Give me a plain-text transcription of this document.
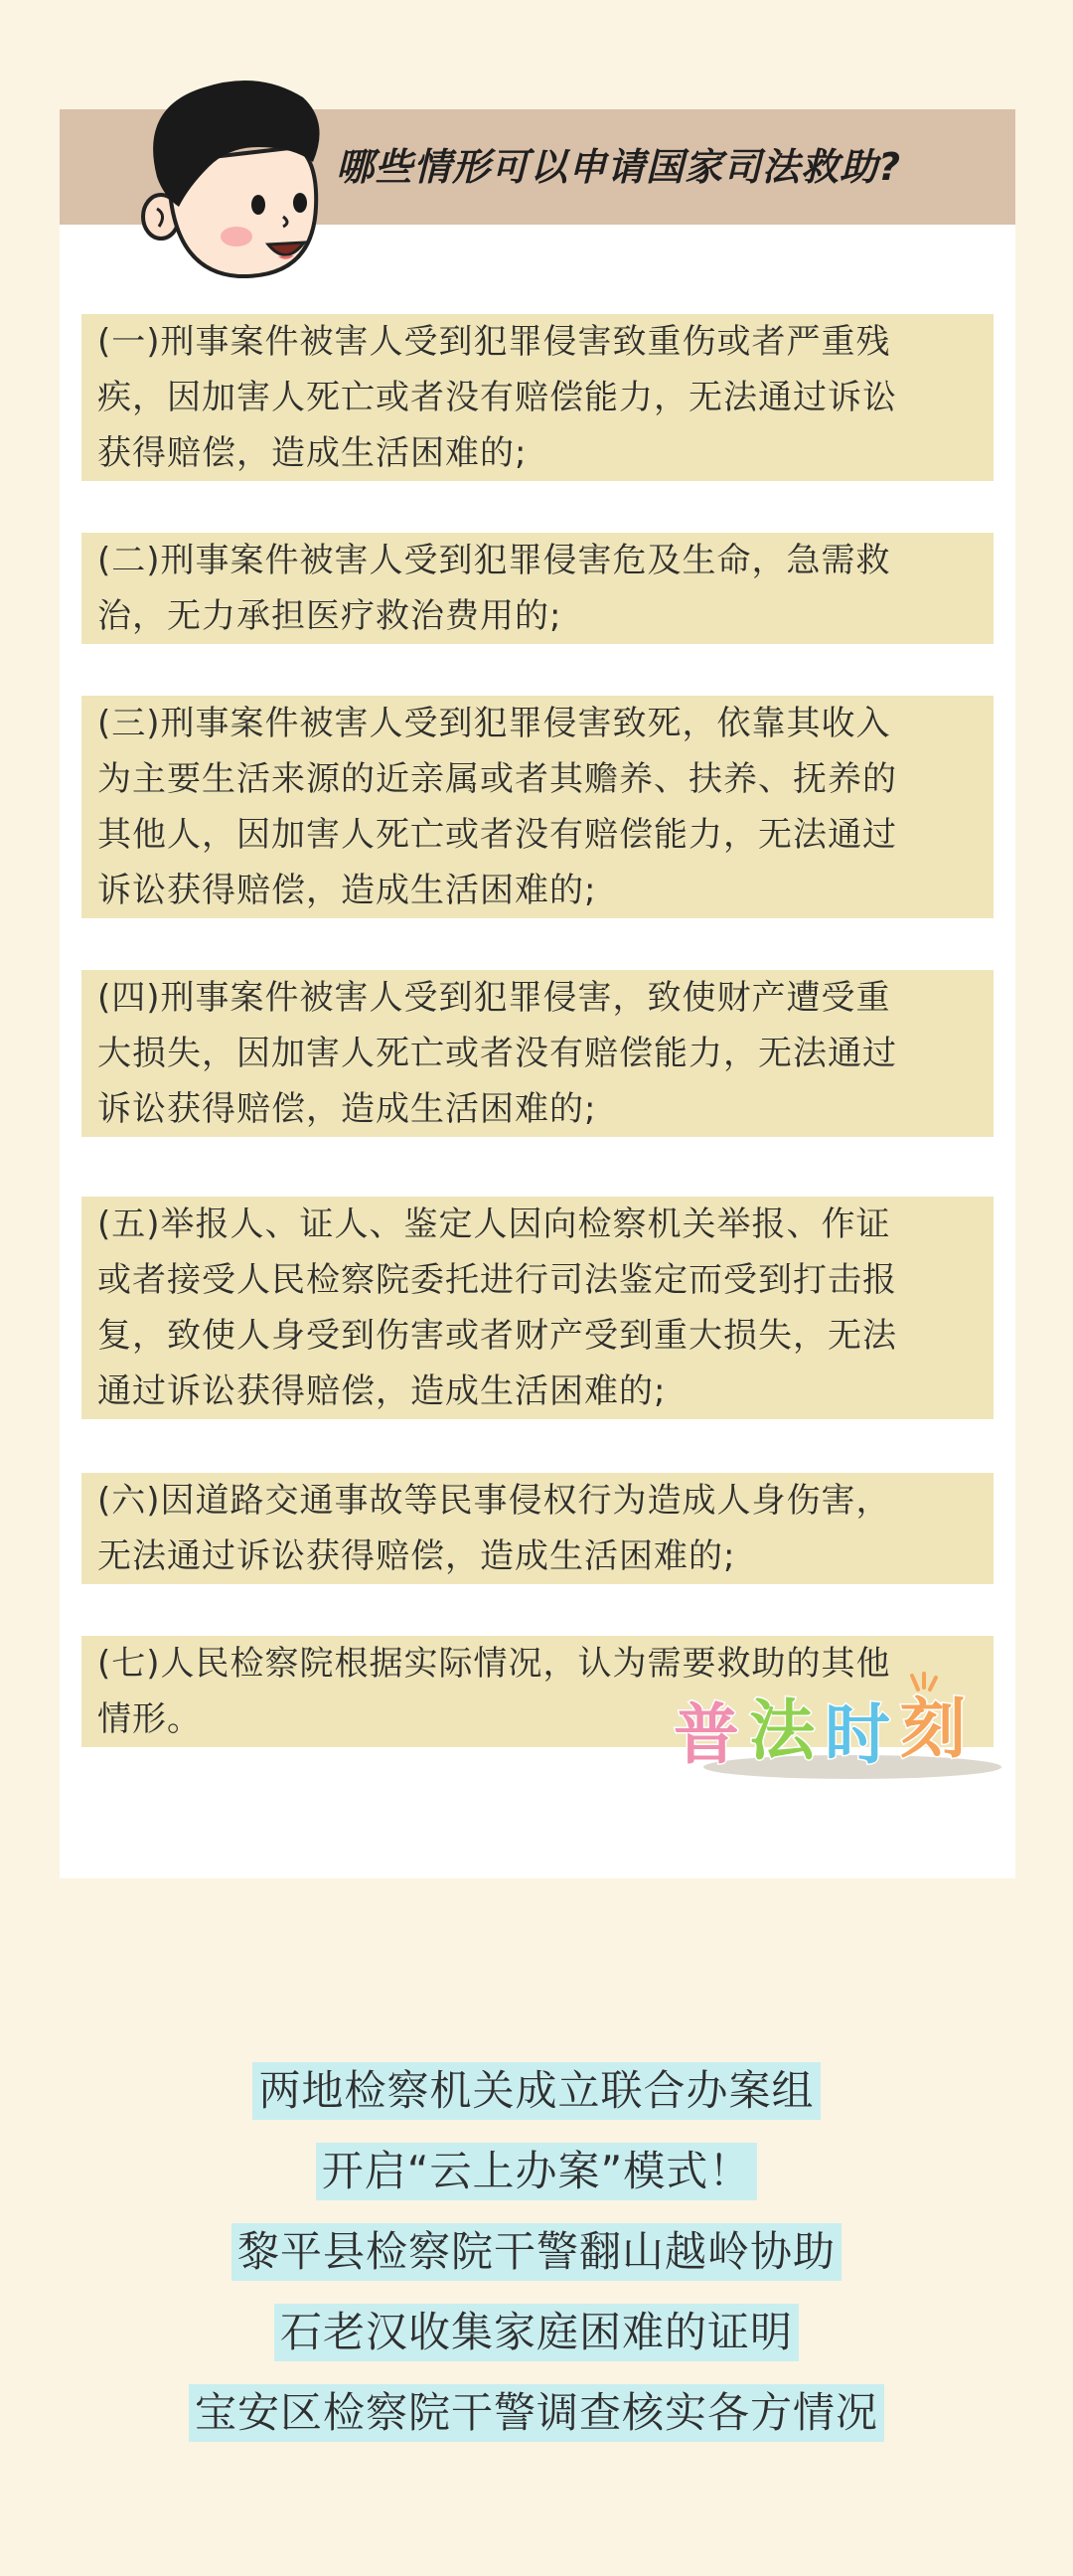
哪些情形可以申请国家司法救助?

(一)刑事案件被害人受到犯罪侵害致重伤或者严重残

疾，因加害人死亡或者没有赔偿能力，无法通过诉讼

获得赔偿，造成生活困难的;

(二)刑事案件被害人受到犯罪侵害危及生命，急需救

治，无力承担医疗救治费用的;

(三)刑事案件被害人受到犯罪侵害致死，依靠其收入

为主要生活来源的近亲属或者其赡养、扶养、抚养的

其他人，因加害人死亡或者没有赔偿能力，无法通过

诉讼获得赔偿，造成生活困难的;

(四)刑事案件被害人受到犯罪侵害，致使财产遭受重

大损失，因加害人死亡或者没有赔偿能力，无法通过

诉讼获得赔偿，造成生活困难的;

(五)举报人、证人、鉴定人因向检察机关举报、作证

或者接受人民检察院委托进行司法鉴定而受到打击报

复，致使人身受到伤害或者财产受到重大损失，无法

通过诉讼获得赔偿，造成生活困难的;

(六)因道路交通事故等民事侵权行为造成人身伤害，

无法通过诉讼获得赔偿，造成生活困难的;

(七)人民检察院根据实际情况，认为需要救助的其他

情形。	普 法 时 刻
两地检察机关成立联合办案组
开启“云上办案”模式！
黎平县检察院干警翻山越岭协助
石老汉收集家庭困难的证明
宝安区检察院干警调查核实各方情况
